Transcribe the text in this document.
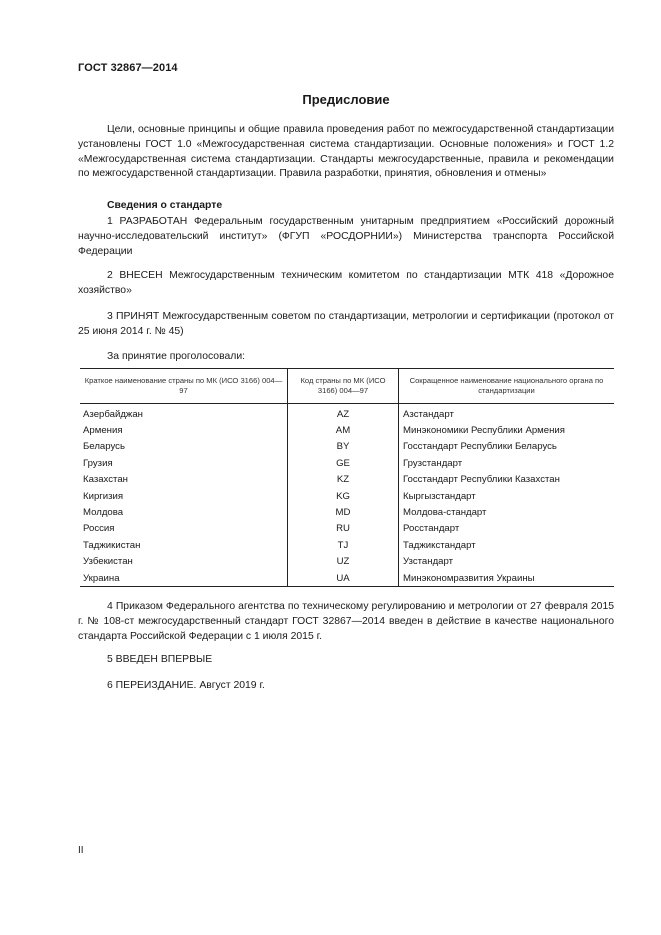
ГОСТ 32867—2014
Предисловие

Цели, основные принципы и общие правила проведения работ по межгосударственной стандартизации установлены ГОСТ 1.0 «Межгосударственная система стандартизации. Основные положения» и ГОСТ 1.2 «Межгосударственная система стандартизации. Стандарты межгосударственные, правила и рекомендации по межгосударственной стандартизации. Правила разработки, принятия, обновления и отмены»

Сведения о стандарте

1 РАЗРАБОТАН Федеральным государственным унитарным предприятием «Российский дорожный научно-исследовательский институт» (ФГУП «РОСДОРНИИ») Министерства транспорта Российской Федерации

2 ВНЕСЕН Межгосударственным техническим комитетом по стандартизации МТК 418 «Дорожное хозяйство»

3 ПРИНЯТ Межгосударственным советом по стандартизации, метрологии и сертификации (протокол от 25 июня 2014 г. № 45)

За принятие проголосовали:
Краткое наименование страны по МК (ИСО 3166) 004—97	Код страны по МК (ИСО 3166) 004—97	Сокращенное наименование национального органа по стандартизации
Азербайджан	AZ	Азстандарт
Армения	AM	Минэкономики Республики Армения
Беларусь	BY	Госстандарт Республики Беларусь
Грузия	GE	Грузстандарт
Казахстан	KZ	Госстандарт Республики Казахстан
Киргизия	KG	Кыргызстандарт
Молдова	MD	Молдова-стандарт
Россия	RU	Росстандарт
Таджикистан	TJ	Таджикстандарт
Узбекистан	UZ	Узстандарт
Украина	UA	Минэкономразвития Украины

4 Приказом Федерального агентства по техническому регулированию и метрологии от 27 февраля 2015 г. № 108-ст межгосударственный стандарт ГОСТ 32867—2014 введен в действие в качестве национального стандарта Российской Федерации с 1 июля 2015 г.

5 ВВЕДЕН ВПЕРВЫЕ

6 ПЕРЕИЗДАНИЕ. Август 2019 г.

II
